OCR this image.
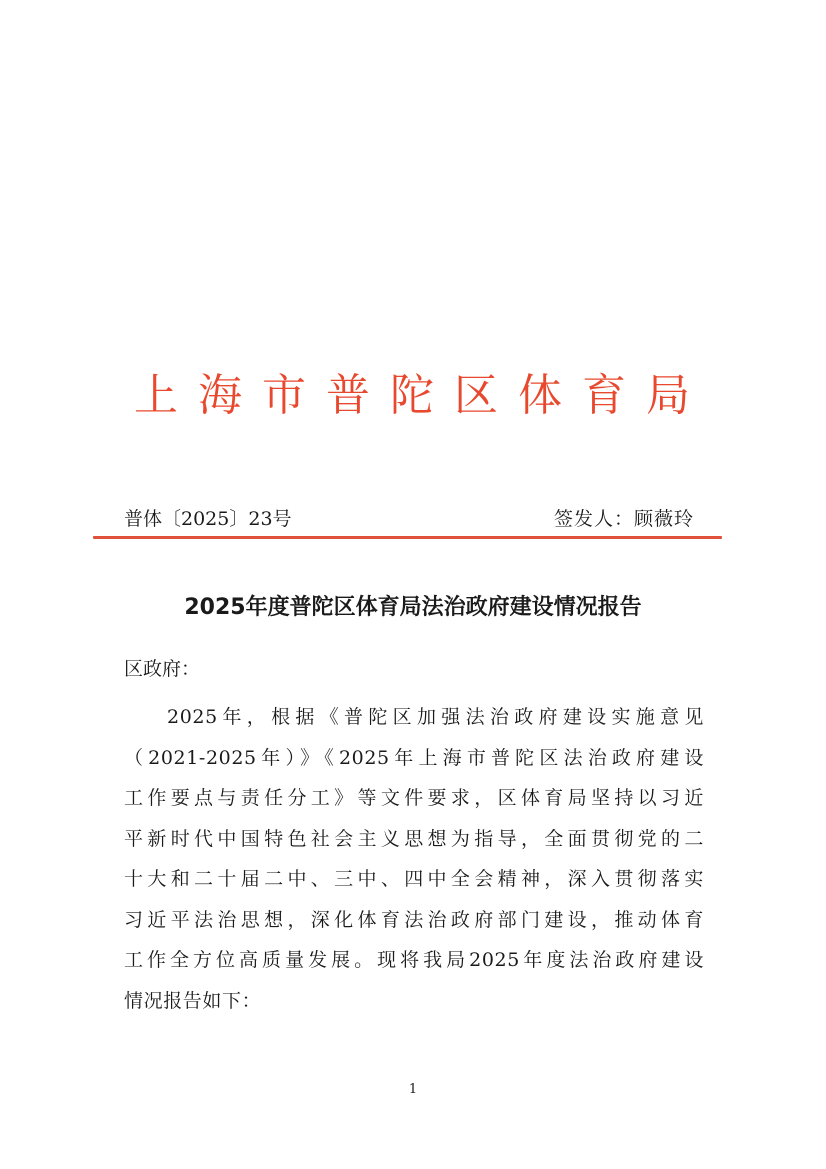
上海市普陀区体育局
普体〔2025〕23号	签发人：顾薇玲
2025年度普陀区体育局法治政府建设情况报告
区政府：
2025年，根据《普陀区加强法治政府建设实施意见
（2021-2025年）》《2025年上海市普陀区法治政府建设
工作要点与责任分工》等文件要求，区体育局坚持以习近
平新时代中国特色社会主义思想为指导，全面贯彻党的二
十大和二十届二中、三中、四中全会精神，深入贯彻落实
习近平法治思想，深化体育法治政府部门建设，推动体育
工作全方位高质量发展。现将我局2025年度法治政府建设
情况报告如下：
1
